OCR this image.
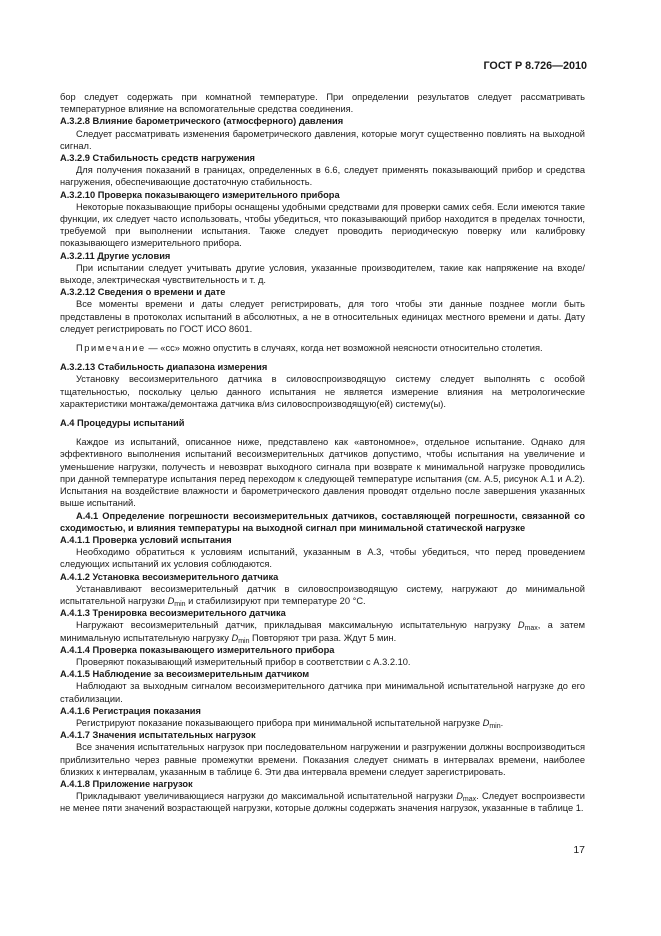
ГОСТ Р 8.726—2010

бор следует содержать при комнатной температуре. При определении результатов следует рассматривать температурное влияние на вспомогательные средства соединения.

А.3.2.8 Влияние барометрического (атмосферного) давления

Следует рассматривать изменения барометрического давления, которые могут существенно повлиять на выходной сигнал.

А.3.2.9 Стабильность средств нагружения

Для получения показаний в границах, определенных в 6.6, следует применять показывающий прибор и средства нагружения, обеспечивающие достаточную стабильность.

А.3.2.10 Проверка показывающего измерительного прибора

Некоторые показывающие приборы оснащены удобными средствами для проверки самих себя. Если имеются такие функции, их следует часто использовать, чтобы убедиться, что показывающий прибор находится в пределах точности, требуемой при выполнении испытания. Также следует проводить периодическую поверку или калибровку показывающего измерительного прибора.

А.3.2.11 Другие условия

При испытании следует учитывать другие условия, указанные производителем, такие как напряжение на входе/выходе, электрическая чувствительность и т. д.

А.3.2.12 Сведения о времени и дате

Все моменты времени и даты следует регистрировать, для того чтобы эти данные позднее могли быть представлены в протоколах испытаний в абсолютных, а не в относительных единицах местного времени и даты. Дату следует регистрировать по ГОСТ ИСО 8601.

Примечание — «сс» можно опустить в случаях, когда нет возможной неясности относительно столетия.

А.3.2.13 Стабильность диапазона измерения

Установку весоизмерительного датчика в силовоспроизводящую систему следует выполнять с особой тщательностью, поскольку целью данного испытания не является измерение влияния на метрологические характеристики монтажа/демонтажа датчика в/из силовоспроизводящую(ей) систему(ы).

А.4 Процедуры испытаний

Каждое из испытаний, описанное ниже, представлено как «автономное», отдельное испытание. Однако для эффективного выполнения испытаний весоизмерительных датчиков допустимо, чтобы испытания на увеличение и уменьшение нагрузки, получесть и невозврат выходного сигнала при возврате к минимальной нагрузке проводились при данной температуре испытания перед переходом к следующей температуре испытания (см. А.5, рисунок А.1 и А.2). Испытания на воздействие влажности и барометрического давления проводят отдельно после завершения указанных выше испытаний.

А.4.1 Определение погрешности весоизмерительных датчиков, составляющей погрешности, связанной со сходимостью, и влияния температуры на выходной сигнал при минимальной статической нагрузке

А.4.1.1 Проверка условий испытания

Необходимо обратиться к условиям испытаний, указанным в А.3, чтобы убедиться, что перед проведением следующих испытаний их условия соблюдаются.

А.4.1.2 Установка весоизмерительного датчика

Устанавливают весоизмерительный датчик в силовоспроизводящую систему, нагружают до минимальной испытательной нагрузки $D_{min}$ и стабилизируют при температуре 20 °С.

А.4.1.3 Тренировка весоизмерительного датчика

Нагружают весоизмерительный датчик, прикладывая максимальную испытательную нагрузку $D_{max}$, а затем минимальную испытательную нагрузку $D_{min}$ Повторяют три раза. Ждут 5 мин.

А.4.1.4 Проверка показывающего измерительного прибора

Проверяют показывающий измерительный прибор в соответствии с А.3.2.10.

А.4.1.5 Наблюдение за весоизмерительным датчиком

Наблюдают за выходным сигналом весоизмерительного датчика при минимальной испытательной нагрузке до его стабилизации.

А.4.1.6 Регистрация показания

Регистрируют показание показывающего прибора при минимальной испытательной нагрузке $D_{min}$.

А.4.1.7 Значения испытательных нагрузок

Все значения испытательных нагрузок при последовательном нагружении и разгружении должны воспроизводиться приблизительно через равные промежутки времени. Показания следует снимать в интервалах времени, наиболее близких к интервалам, указанным в таблице 6. Эти два интервала времени следует зарегистрировать.

А.4.1.8 Приложение нагрузок

Прикладывают увеличивающиеся нагрузки до максимальной испытательной нагрузки $D_{max}$. Следует воспроизвести не менее пяти значений возрастающей нагрузки, которые должны содержать значения нагрузок, указанные в таблице 1.

17
